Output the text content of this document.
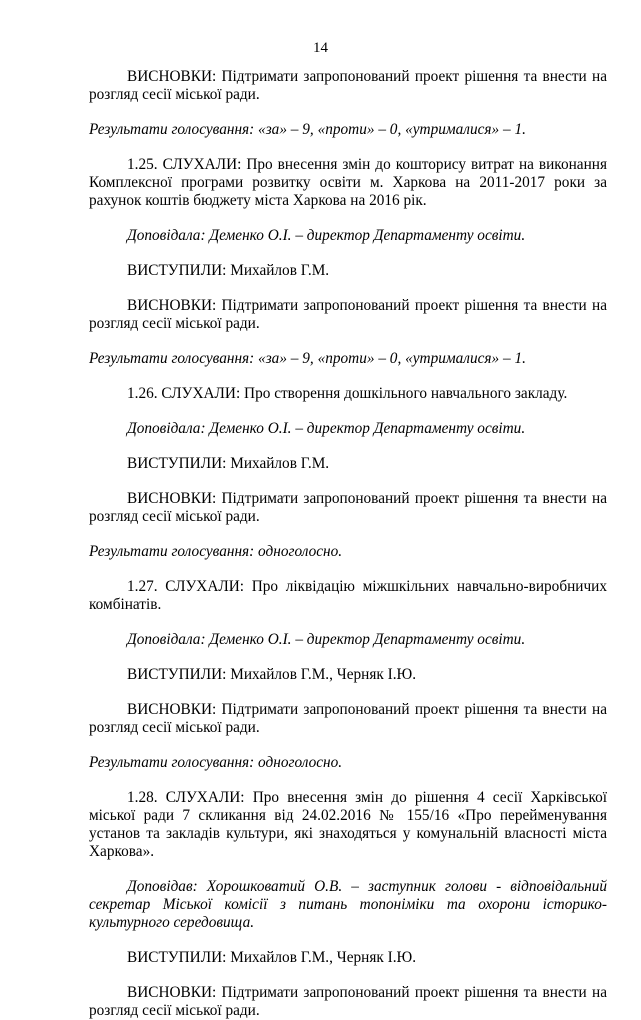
14

ВИСНОВКИ: Підтримати запропонований проект рішення та внести на розгляд сесії міської ради.

Результати голосування: «за» – 9, «проти» – 0, «утрималися» – 1.

1.25. СЛУХАЛИ: Про внесення змін до кошторису витрат на виконання Комплексної програми розвитку освіти м. Харкова на 2011-2017 роки за рахунок коштів бюджету міста Харкова на 2016 рік.

Доповідала: Деменко О.І. – директор Департаменту освіти.

ВИСТУПИЛИ: Михайлов Г.М.

ВИСНОВКИ: Підтримати запропонований проект рішення та внести на розгляд сесії міської ради.

Результати голосування: «за» – 9, «проти» – 0, «утрималися» – 1.

1.26. СЛУХАЛИ: Про створення дошкільного навчального закладу.

Доповідала: Деменко О.І. – директор Департаменту освіти.

ВИСТУПИЛИ: Михайлов Г.М.

ВИСНОВКИ: Підтримати запропонований проект рішення та внести на розгляд сесії міської ради.

Результати голосування: одноголосно.

1.27. СЛУХАЛИ: Про ліквідацію міжшкільних навчально-виробничих комбінатів.

Доповідала: Деменко О.І. – директор Департаменту освіти.

ВИСТУПИЛИ: Михайлов Г.М., Черняк І.Ю.

ВИСНОВКИ: Підтримати запропонований проект рішення та внести на розгляд сесії міської ради.

Результати голосування: одноголосно.

1.28. СЛУХАЛИ: Про внесення змін до рішення 4 сесії Харківської міської ради 7 скликання від 24.02.2016 № 155/16 «Про перейменування установ та закладів культури, які знаходяться у комунальній власності міста Харкова».

Доповідав: Хорошковатий О.В. – заступник голови - відповідальний секретар Міської комісії з питань топоніміки та охорони історико-культурного середовища.

ВИСТУПИЛИ: Михайлов Г.М., Черняк І.Ю.

ВИСНОВКИ: Підтримати запропонований проект рішення та внести на розгляд сесії міської ради.
